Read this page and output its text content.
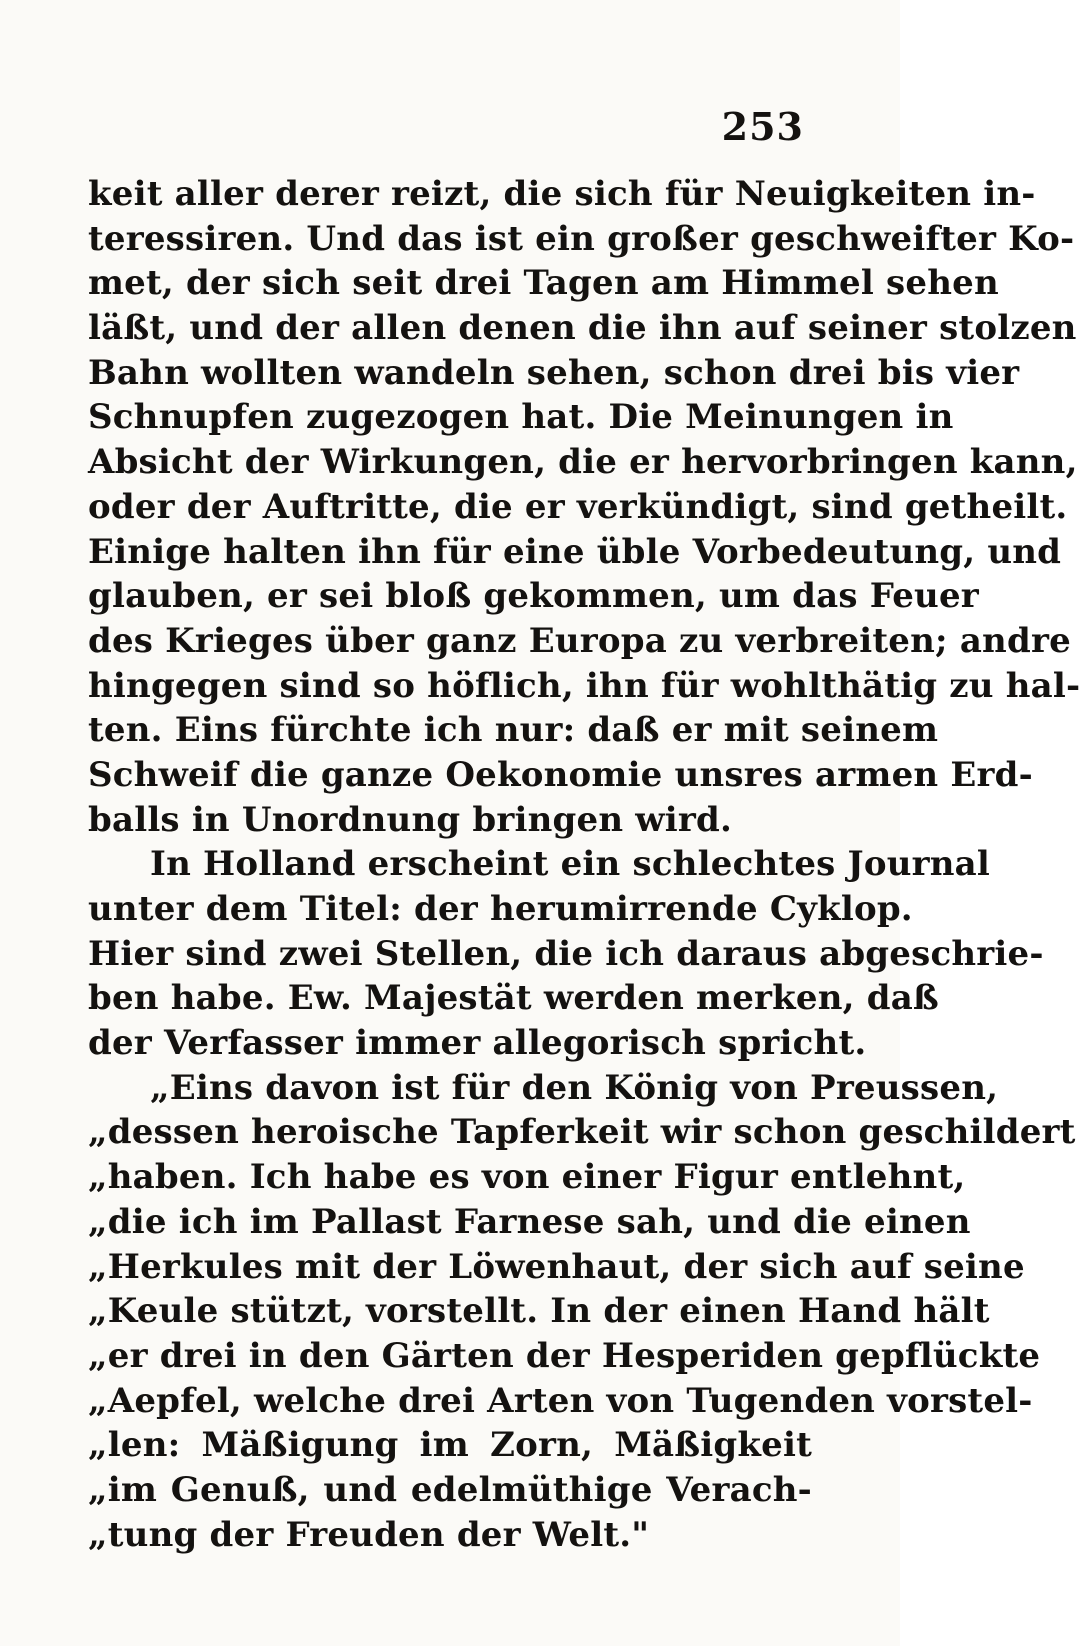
253
keit aller derer reizt, die sich für Neuigkeiten in-
teressiren. Und das ist ein großer geschweifter Ko-
met, der sich seit drei Tagen am Himmel sehen
läßt, und der allen denen die ihn auf seiner stolzen
Bahn wollten wandeln sehen, schon drei bis vier
Schnupfen zugezogen hat. Die Meinungen in
Absicht der Wirkungen, die er hervorbringen kann,
oder der Auftritte, die er verkündigt, sind getheilt.
Einige halten ihn für eine üble Vorbedeutung, und
glauben, er sei bloß gekommen, um das Feuer
des Krieges über ganz Europa zu verbreiten; andre
hingegen sind so höflich, ihn für wohlthätig zu hal-
ten. Eins fürchte ich nur: daß er mit seinem
Schweif die ganze Oekonomie unsres armen Erd-
balls in Unordnung bringen wird.
In Holland erscheint ein schlechtes Journal
unter dem Titel: der herumirrende Cyklop.
Hier sind zwei Stellen, die ich daraus abgeschrie-
ben habe. Ew. Majestät werden merken, daß
der Verfasser immer allegorisch spricht.
„Eins davon ist für den König von Preussen,
„dessen heroische Tapferkeit wir schon geschildert
„haben. Ich habe es von einer Figur entlehnt,
„die ich im Pallast Farnese sah, und die einen
„Herkules mit der Löwenhaut, der sich auf seine
„Keule stützt, vorstellt. In der einen Hand hält
„er drei in den Gärten der Hesperiden gepflückte
„Aepfel, welche drei Arten von Tugenden vorstel-
„len: Mäßigung im Zorn, Mäßigkeit
„im Genuß, und edelmüthige Verach-
„tung der Freuden der Welt."
